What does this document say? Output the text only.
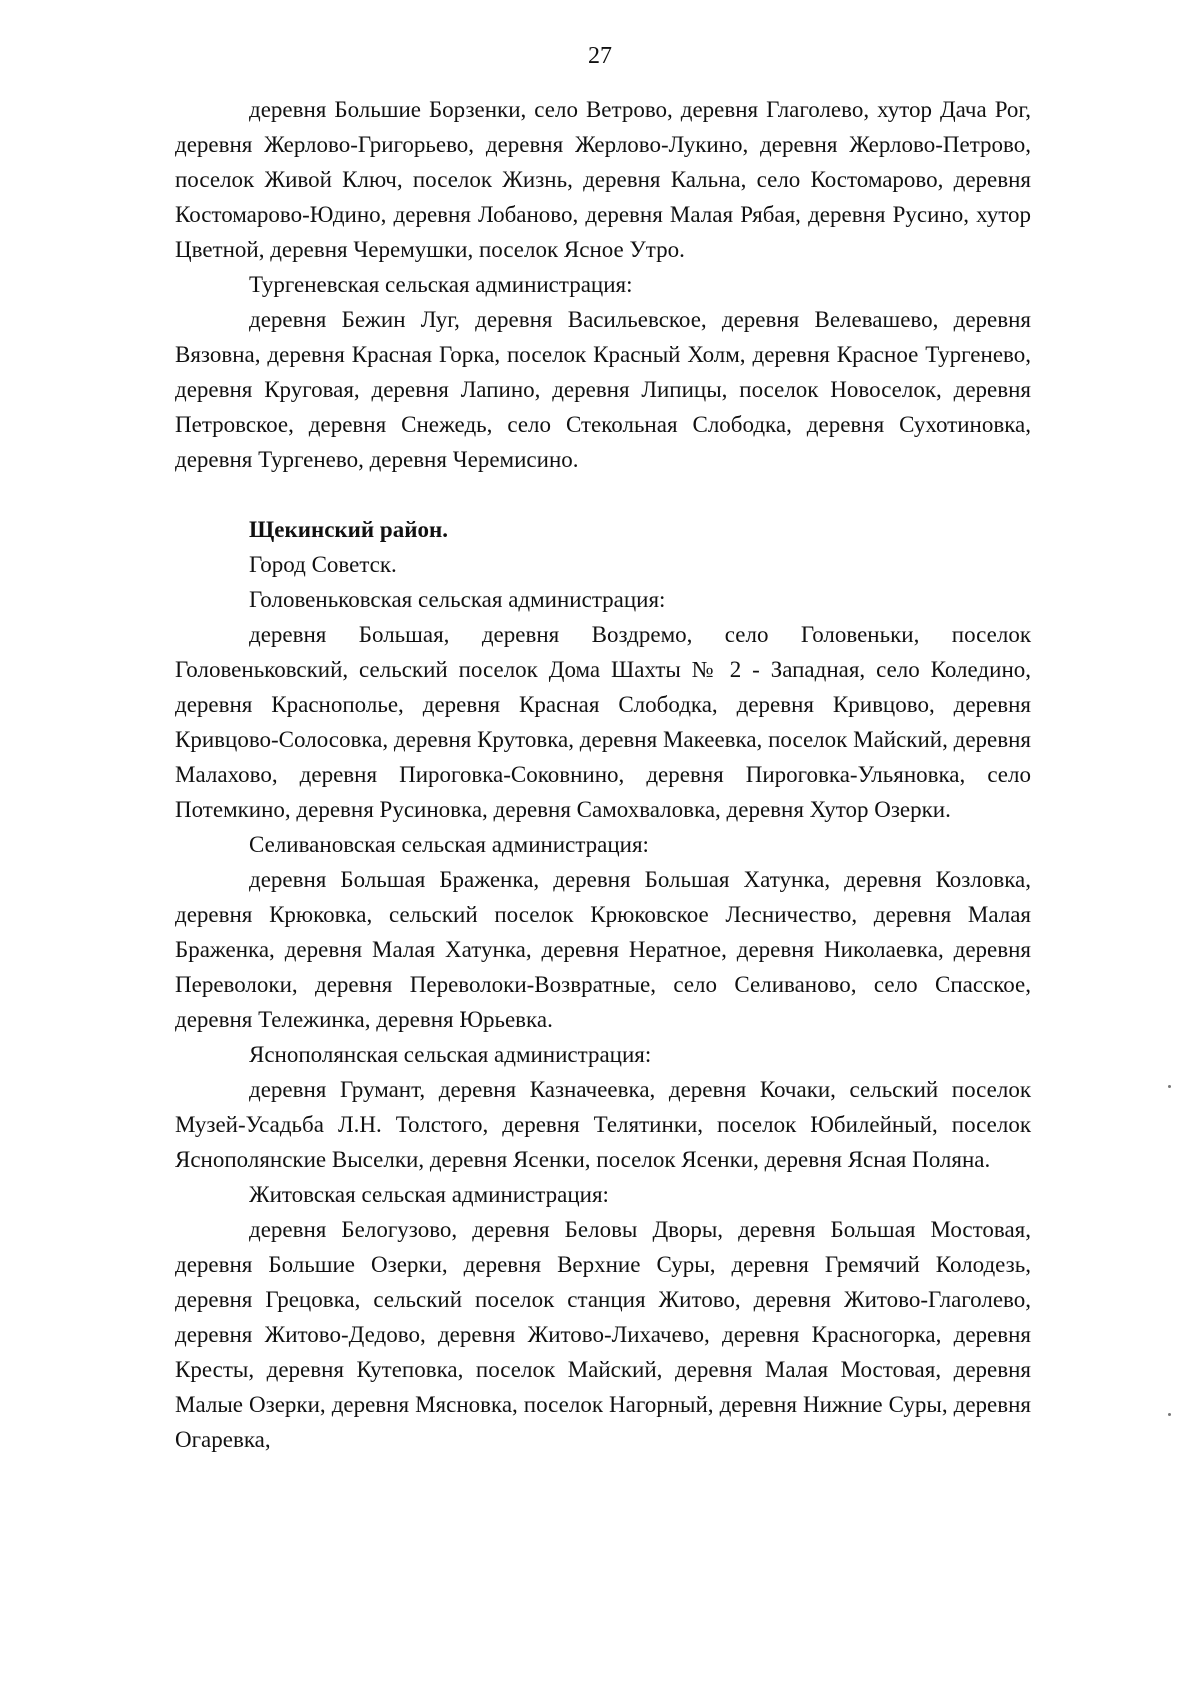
27

деревня Большие Борзенки, село Ветрово, деревня Глаголево, хутор Дача Рог, деревня Жерлово-Григорьево, деревня Жерлово-Лукино, деревня Жерлово-Петрово, поселок Живой Ключ, поселок Жизнь, деревня Кальна, село Костомарово, деревня Костомарово-Юдино, деревня Лобаново, деревня Малая Рябая, деревня Русино, хутор Цветной, деревня Черемушки, поселок Ясное Утро.

Тургеневская сельская администрация:

деревня Бежин Луг, деревня Васильевское, деревня Велевашево, деревня Вязовна, деревня Красная Горка, поселок Красный Холм, деревня Красное Тургенево, деревня Круговая, деревня Лапино, деревня Липицы, поселок Новоселок, деревня Петровское, деревня Снежедь, село Стекольная Слободка, деревня Сухотиновка, деревня Тургенево, деревня Черемисино.

Щекинский район.

Город Советск.

Головеньковская сельская администрация:

деревня Большая, деревня Воздремо, село Головеньки, поселок Головеньковский, сельский поселок Дома Шахты № 2 - Западная, село Коледино, деревня Краснополье, деревня Красная Слободка, деревня Кривцово, деревня Кривцово-Солосовка, деревня Крутовка, деревня Макеевка, поселок Майский, деревня Малахово, деревня Пироговка-Соковнино, деревня Пироговка-Ульяновка, село Потемкино, деревня Русиновка, деревня Самохваловка, деревня Хутор Озерки.

Селивановская сельская администрация:

деревня Большая Браженка, деревня Большая Хатунка, деревня Козловка, деревня Крюковка, сельский поселок Крюковское Лесничество, деревня Малая Браженка, деревня Малая Хатунка, деревня Нератное, деревня Николаевка, деревня Переволоки, деревня Переволоки-Возвратные, село Селиваново, село Спасское, деревня Тележинка, деревня Юрьевка.

Яснополянская сельская администрация:

деревня Грумант, деревня Казначеевка, деревня Кочаки, сельский поселок Музей-Усадьба Л.Н. Толстого, деревня Телятинки, поселок Юбилейный, поселок Яснополянские Выселки, деревня Ясенки, поселок Ясенки, деревня Ясная Поляна.

Житовская сельская администрация:

деревня Белогузово, деревня Беловы Дворы, деревня Большая Мостовая, деревня Большие Озерки, деревня Верхние Суры, деревня Гремячий Колодезь, деревня Грецовка, сельский поселок станция Житово, деревня Житово-Глаголево, деревня Житово-Дедово, деревня Житово-Лихачево, деревня Красногорка, деревня Кресты, деревня Кутеповка, поселок Майский, деревня Малая Мостовая, деревня Малые Озерки, деревня Мясновка, поселок Нагорный, деревня Нижние Суры, деревня Огаревка,
